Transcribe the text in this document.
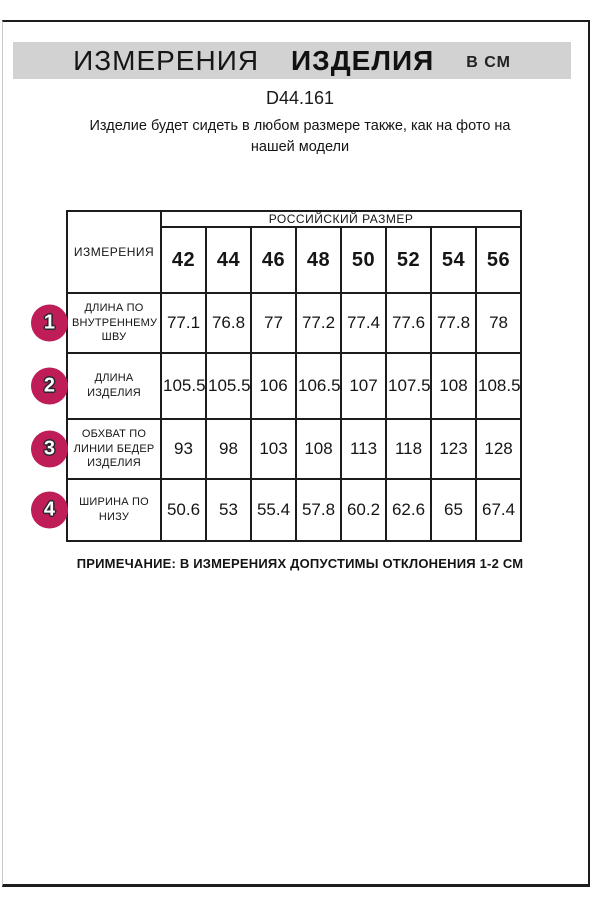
ИЗМЕРЕНИЯ ИЗДЕЛИЯ В СМ
D44.161
Изделие будет сидеть в любом размере также, как на фото на
нашей модели
ИЗМЕРЕНИЯ	РОССИЙСКИЙ РАЗМЕР							
	42	44	46	48	50	52	54	56

1
ДЛИНА ПО ВНУТРЕННЕМУ ШВУ	77.1	76.8	77	77.2	77.4	77.6	77.8	78

2 ДЛИНА ИЗДЕЛИЯ	105.5	105.5	106	106.5	107	107.5	108	108.5

3
ОБХВАТ ПО ЛИНИИ БЕДЕР ИЗДЕЛИЯ	93	98	103	108	113	118	123	128

4 ШИРИНА ПО НИЗУ	50.6	53	55.4	57.8	60.2	62.6	65	67.4
ПРИМЕЧАНИЕ: В ИЗМЕРЕНИЯХ ДОПУСТИМЫ ОТКЛОНЕНИЯ 1-2 СМ
